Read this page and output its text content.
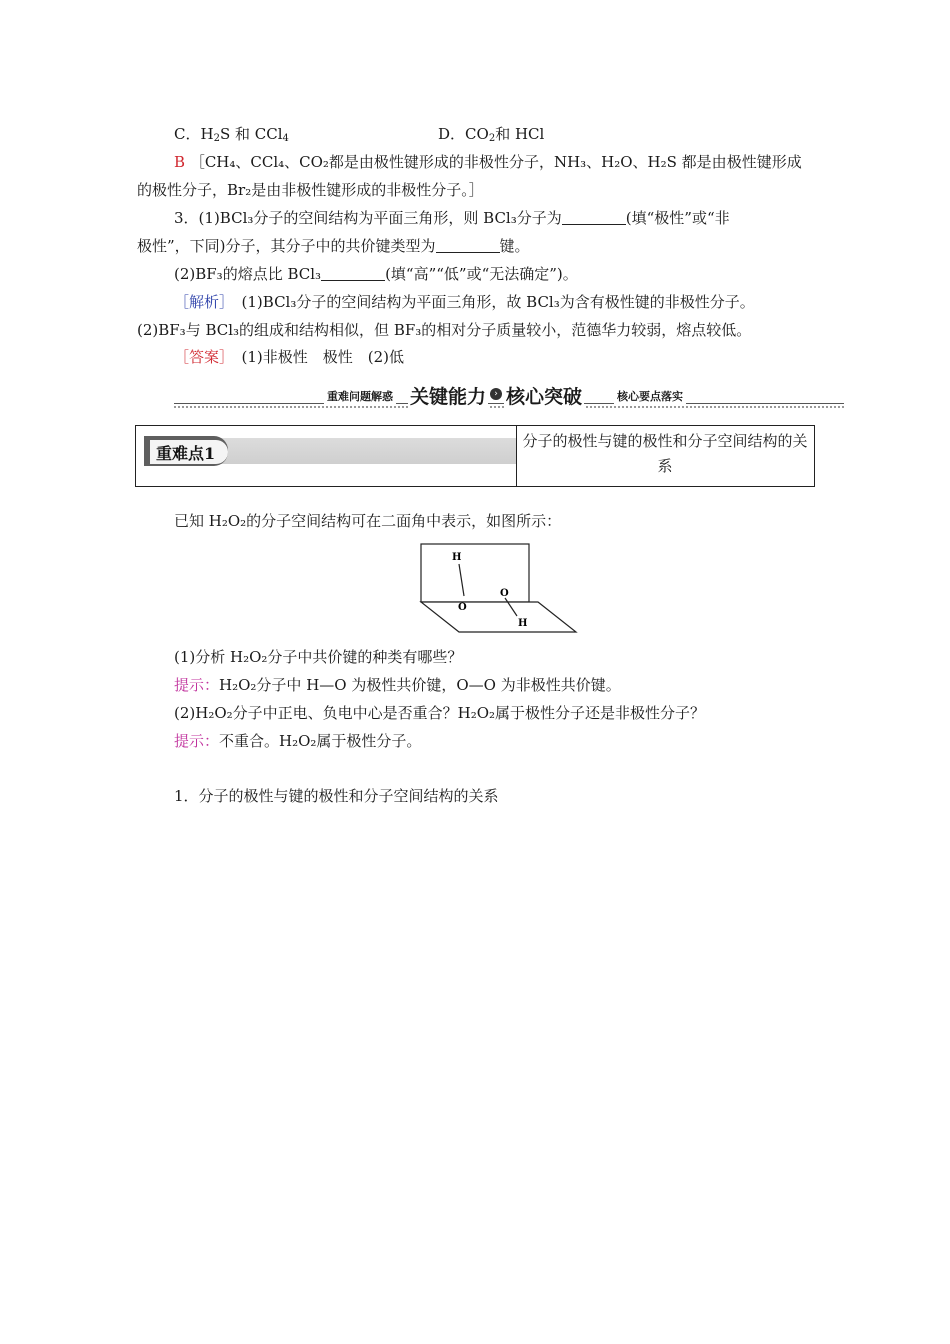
C．$H_2S$ 和 CCl$_4$	D．$CO_2$和 HCl
B ［CH₄、CCl₄、CO₂都是由极性键形成的非极性分子，NH₃、H₂O、H₂S 都是由极性键形成
的极性分子，Br₂是由非极性键形成的非极性分子。］
3．(1)BCl₃分子的空间结构为平面三角形，则 BCl₃分子为	(填“极性”或“非
极性”，下同)分子，其分子中的共价键类型为	键。
(2)BF₃的熔点比 BCl₃	(填“高”“低”或“无法确定”)。
［解析］　 (1)BCl₃分子的空间结构为平面三角形，故 BCl₃为含有极性键的非极性分子。
(2)BF₃与 BCl₃的组成和结构相似，但 BF₃的相对分子质量较小，范德华力较弱，熔点较低。
［答案］　 (1)非极性　极性　(2)低
重难问题解惑 关键能力 › 核心突破	核心要点落实
重难点1
分子的极性与键的极性和分子空间结构的关系
已知 H₂O₂的分子空间结构可在二面角中表示，如图所示：
H
O
O
H
(1)分析 H₂O₂分子中共价键的种类有哪些？
提示：H₂O₂分子中 H—O 为极性共价键，O—O 为非极性共价键。
(2)H₂O₂分子中正电、负电中心是否重合？H₂O₂属于极性分子还是非极性分子？
提示：不重合。H₂O₂属于极性分子。
1．分子的极性与键的极性和分子空间结构的关系
